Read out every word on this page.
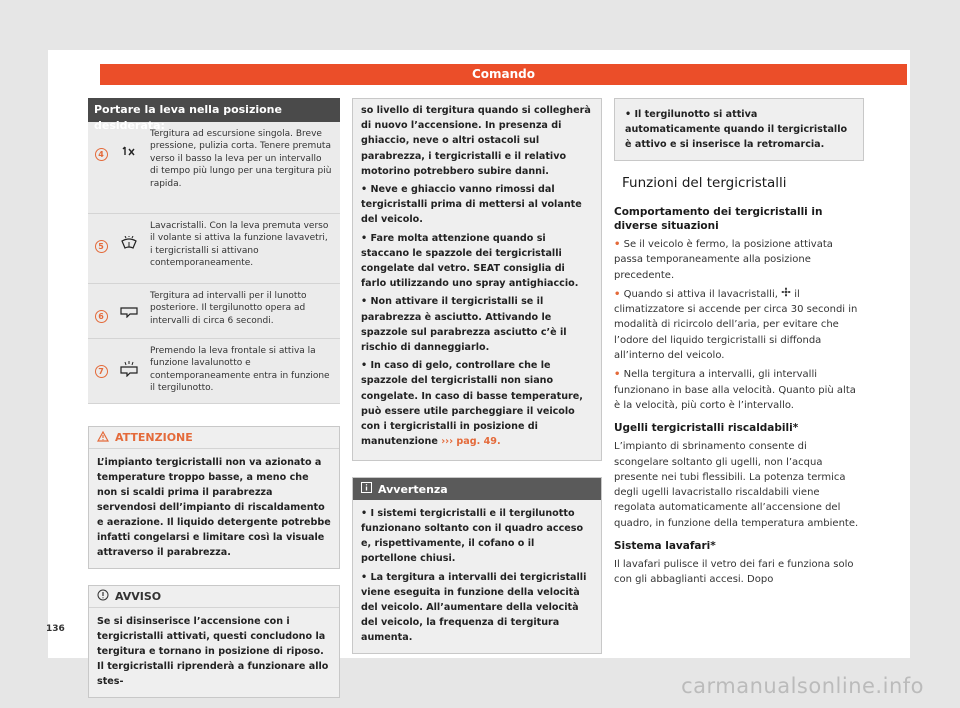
Comando
Portare la leva nella posizione desiderata:
4
Tergitura ad escursione singola. Breve pressione, pulizia corta. Tenere premuta verso il basso la leva per un intervallo di tempo più lungo per una tergitura più rapida.
5
Lavacristalli. Con la leva premuta verso il volante si attiva la funzione lavavetri, i tergicristalli si attivano contemporaneamente.
6
Tergitura ad intervalli per il lunotto posteriore. Il tergilunotto opera ad intervalli di circa 6 secondi.
7
Premendo la leva frontale si attiva la funzione lavalunotto e contemporaneamente entra in funzione il tergilunotto.
ATTENZIONE
L’impianto tergicristalli non va azionato a temperature troppo basse, a meno che non si scaldi prima il parabrezza servendosi dell’impianto di riscaldamento e aerazione. Il liquido detergente potrebbe infatti congelarsi e limitare così la visuale attraverso il parabrezza.
AVVISO
Se si disinserisce l’accensione con i tergicristalli attivati, questi concludono la tergitura e tornano in posizione di riposo. Il tergicristalli riprenderà a funzionare allo stes-

so livello di tergitura quando si collegherà di nuovo l’accensione. In presenza di ghiaccio, neve o altri ostacoli sul parabrezza, i tergicristalli e il relativo motorino potrebbero subire danni.

• Neve e ghiaccio vanno rimossi dal tergicristalli prima di mettersi al volante del veicolo.

• Fare molta attenzione quando si staccano le spazzole dei tergicristalli congelate dal vetro. SEAT consiglia di farlo utilizzando uno spray antighiaccio.

• Non attivare il tergicristalli se il parabrezza è asciutto. Attivando le spazzole sul parabrezza asciutto c’è il rischio di danneggiarlo.

• In caso di gelo, controllare che le spazzole del tergicristalli non siano congelate. In caso di basse temperature, può essere utile parcheggiare il veicolo con i tergicristalli in posizione di manutenzione ››› pag. 49.

Avvertenza

• I sistemi tergicristalli e il tergilunotto funzionano soltanto con il quadro acceso e, rispettivamente, il cofano o il portellone chiusi.

• La tergitura a intervalli dei tergicristalli viene eseguita in funzione della velocità del veicolo. All’aumentare della velocità del veicolo, la frequenza di tergitura aumenta.

• Il tergilunotto si attiva automaticamente quando il tergicristallo è attivo e si inserisce la retromarcia.
Funzioni del tergicristalli
Comportamento dei tergicristalli in diverse situazioni

• Se il veicolo è fermo, la posizione attivata passa temporaneamente alla posizione precedente.

• Quando si attiva il lavacristalli, il climatizzatore si accende per circa 30 secondi in modalità di ricircolo dell’aria, per evitare che l’odore del liquido tergicristalli si diffonda all’interno del veicolo.

• Nella tergitura a intervalli, gli intervalli funzionano in base alla velocità. Quanto più alta è la velocità, più corto è l’intervallo.

Ugelli tergicristalli riscaldabili*

L’impianto di sbrinamento consente di scongelare soltanto gli ugelli, non l’acqua presente nei tubi flessibili. La potenza termica degli ugelli lavacristallo riscaldabili viene regolata automaticamente all’accensione del quadro, in funzione della temperatura ambiente.

Sistema lavafari*

Il lavafari pulisce il vetro dei fari e funziona solo con gli abbaglianti accesi. Dopo

136
carmanualsonline.info
